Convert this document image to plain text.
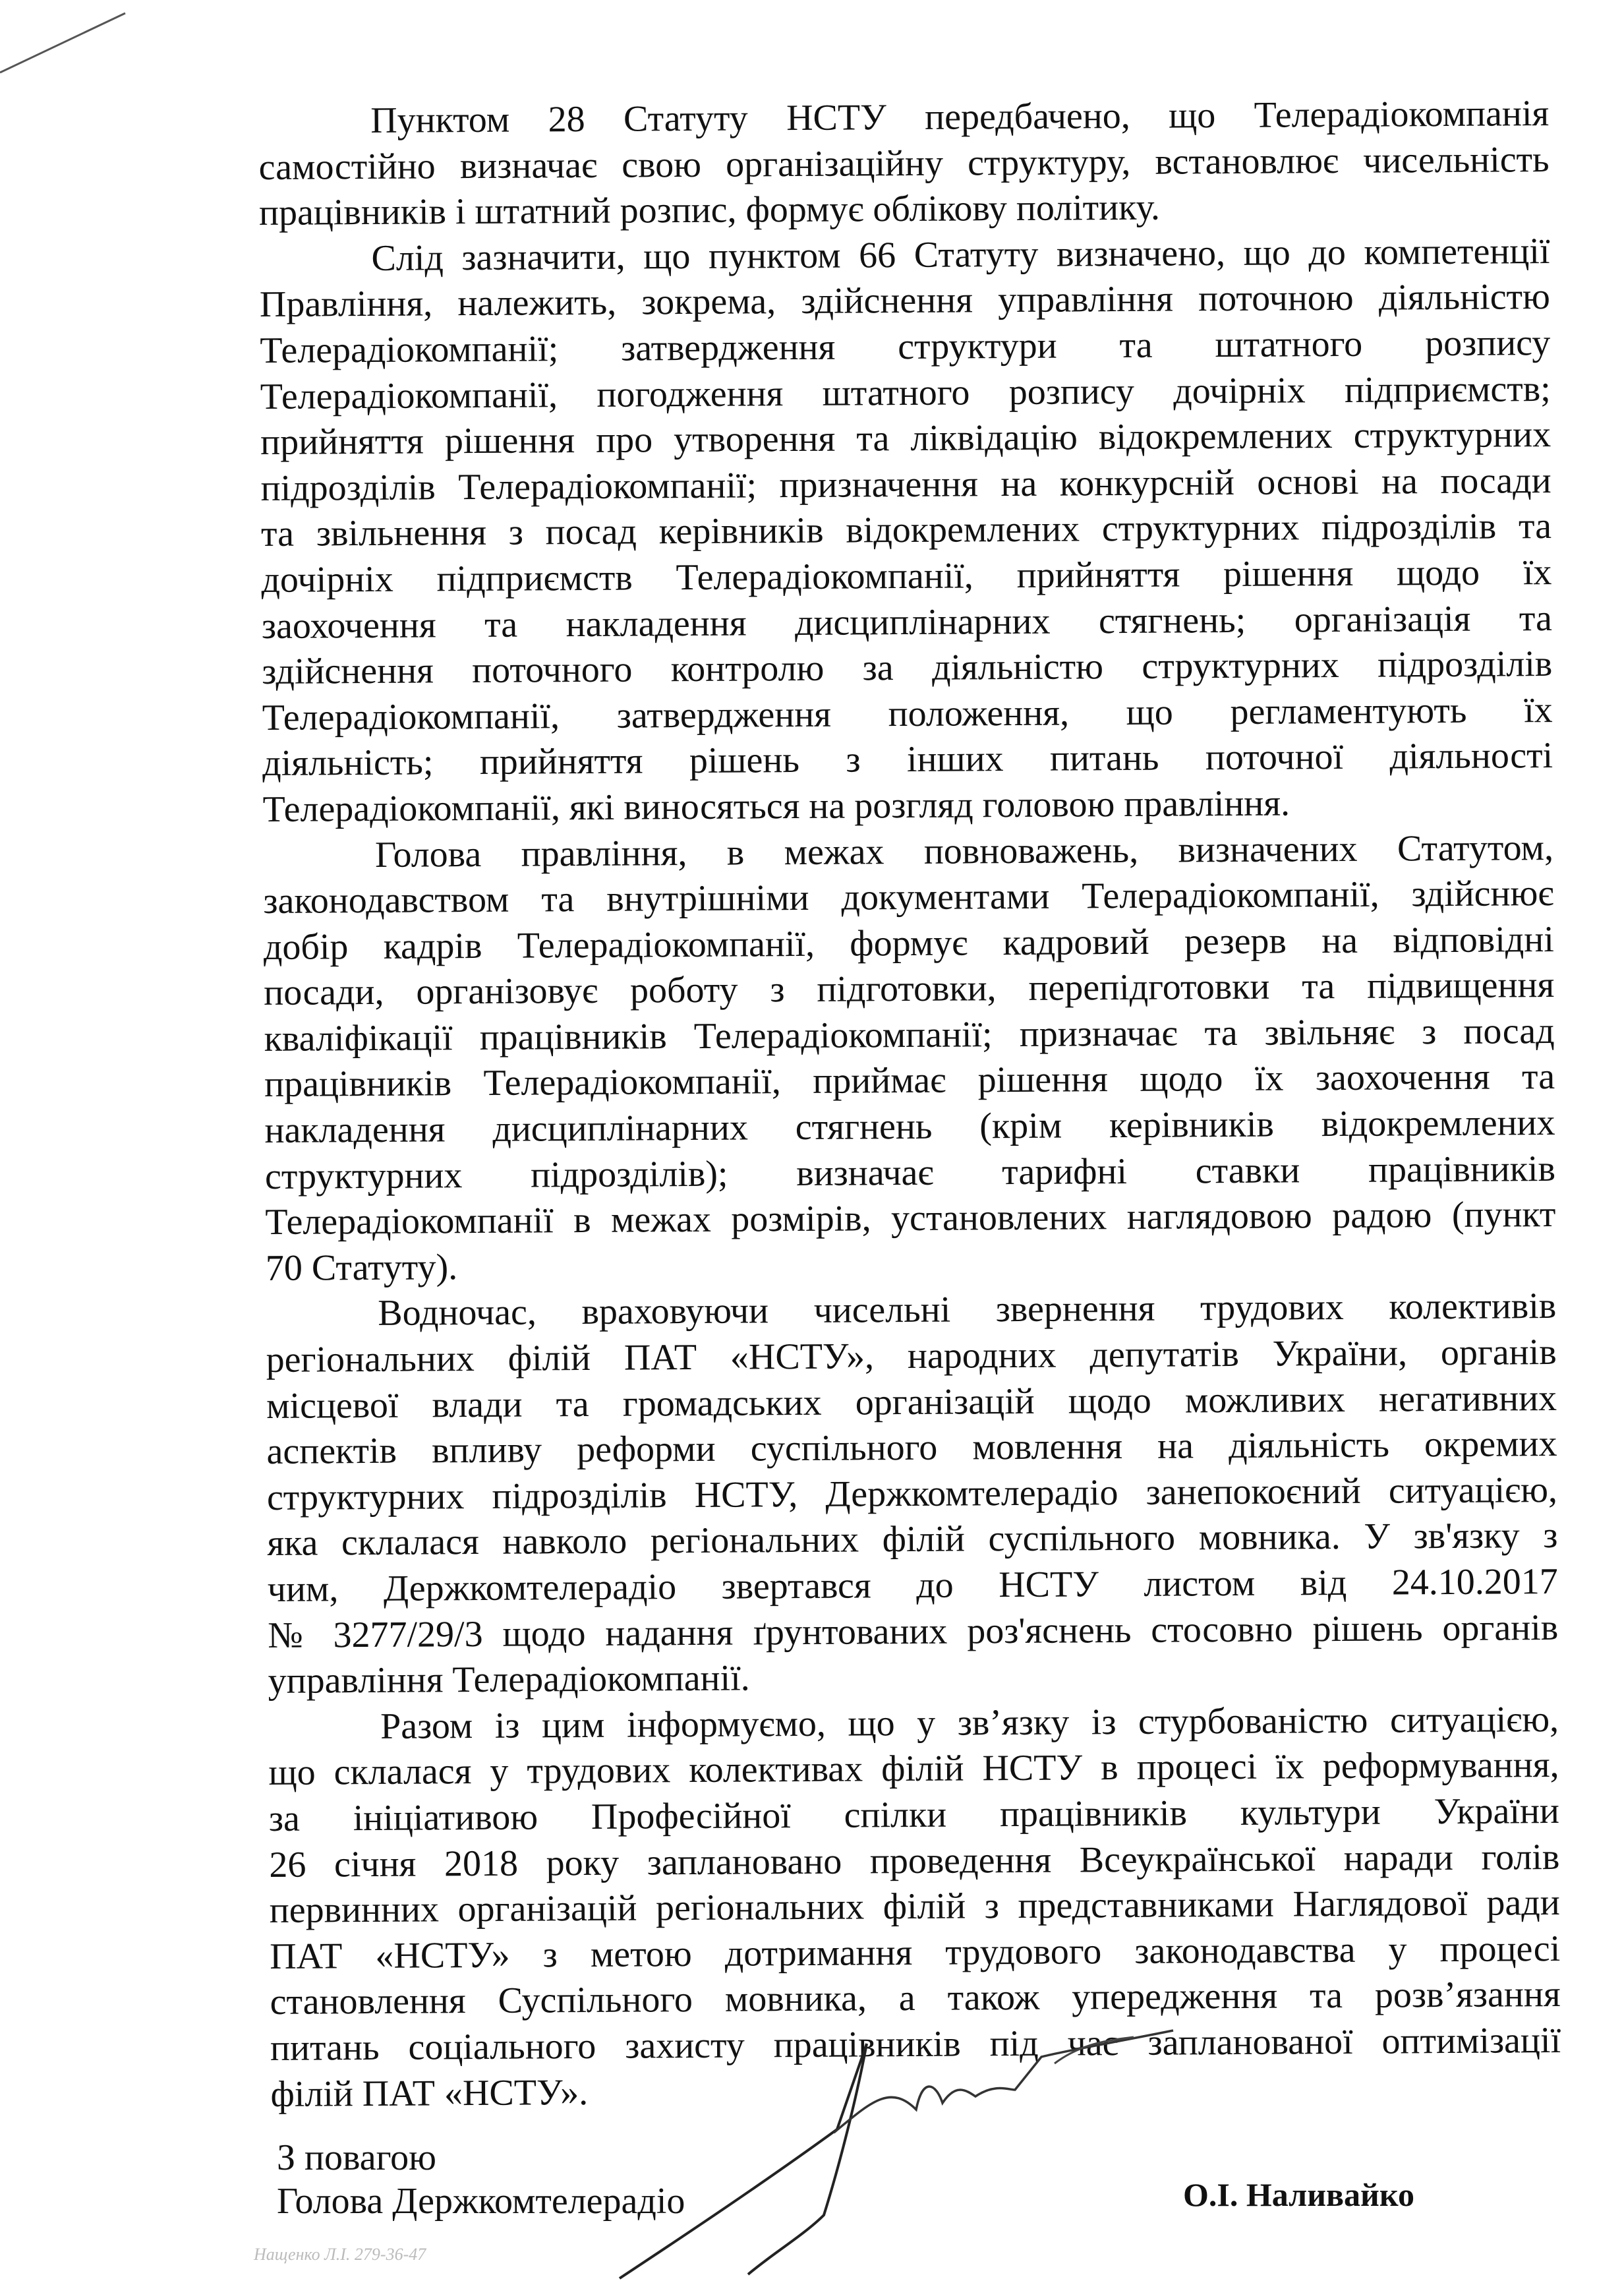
Пунктом 28 Статуту НСТУ передбачено, що Телерадіокомпанія
самостійно визначає свою організаційну структуру, встановлює чисельність
працівників і штатний розпис, формує облікову політику.
Слід зазначити, що пунктом 66 Статуту визначено, що до компетенції
Правління, належить, зокрема, здійснення управління поточною діяльністю
Телерадіокомпанії; затвердження структури та штатного розпису
Телерадіокомпанії, погодження штатного розпису дочірніх підприємств;
прийняття рішення про утворення та ліквідацію відокремлених структурних
підрозділів Телерадіокомпанії; призначення на конкурсній основі на посади
та звільнення з посад керівників відокремлених структурних підрозділів та
дочірніх підприємств Телерадіокомпанії, прийняття рішення щодо їх
заохочення та накладення дисциплінарних стягнень; організація та
здійснення поточного контролю за діяльністю структурних підрозділів
Телерадіокомпанії, затвердження положення, що регламентують їх
діяльність; прийняття рішень з інших питань поточної діяльності
Телерадіокомпанії, які виносяться на розгляд головою правління.
Голова правління, в межах повноважень, визначених Статутом,
законодавством та внутрішніми документами Телерадіокомпанії, здійснює
добір кадрів Телерадіокомпанії, формує кадровий резерв на відповідні
посади, організовує роботу з підготовки, перепідготовки та підвищення
кваліфікації працівників Телерадіокомпанії; призначає та звільняє з посад
працівників Телерадіокомпанії, приймає рішення щодо їх заохочення та
накладення дисциплінарних стягнень (крім керівників відокремлених
структурних підрозділів); визначає тарифні ставки працівників
Телерадіокомпанії в межах розмірів, установлених наглядовою радою (пункт
70 Статуту).
Водночас, враховуючи чисельні звернення трудових колективів
регіональних філій ПАТ «НСТУ», народних депутатів України, органів
місцевої влади та громадських організацій щодо можливих негативних
аспектів впливу реформи суспільного мовлення на діяльність окремих
структурних підрозділів НСТУ, Держкомтелерадіо занепокоєний ситуацією,
яка склалася навколо регіональних філій суспільного мовника. У зв'язку з
чим, Держкомтелерадіо звертався до НСТУ листом від 24.10.2017
№ 3277/29/3 щодо надання ґрунтованих роз'яснень стосовно рішень органів
управління Телерадіокомпанії.
Разом із цим інформуємо, що у зв’язку із стурбованістю ситуацією,
що склалася у трудових колективах філій НСТУ в процесі їх реформування,
за ініціативою Професійної спілки працівників культури України
26 січня 2018 року заплановано проведення Всеукраїнської наради голів
первинних організацій регіональних філій з представниками Наглядової ради
ПАТ «НСТУ» з метою дотримання трудового законодавства у процесі
становлення Суспільного мовника, а також упередження та розв’язання
питань соціального захисту працівників під час запланованої оптимізації
філій ПАТ «НСТУ».
З повагою
Голова Держкомтелерадіо	О.І. Наливайко
Нащенко Л.І. 279-36-47
